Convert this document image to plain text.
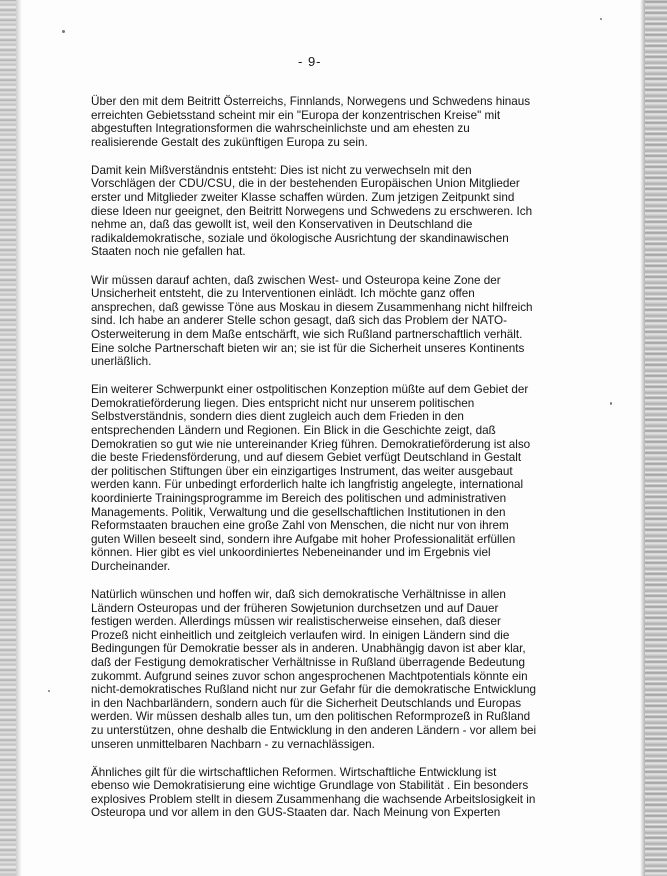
- 9-

Über den mit dem Beitritt Österreichs, Finnlands, Norwegens und Schwedens hinaus
erreichten Gebietsstand scheint mir ein "Europa der konzentrischen Kreise" mit
abgestuften Integrationsformen die wahrscheinlichste und am ehesten zu
realisierende Gestalt des zukünftigen Europa zu sein.

Damit kein Mißverständnis entsteht: Dies ist nicht zu verwechseln mit den
Vorschlägen der CDU/CSU, die in der bestehenden Europäischen Union Mitglieder
erster und Mitglieder zweiter Klasse schaffen würden. Zum jetzigen Zeitpunkt sind
diese Ideen nur geeignet, den Beitritt Norwegens und Schwedens zu erschweren. Ich
nehme an, daß das gewollt ist, weil den Konservativen in Deutschland die
radikaldemokratische, soziale und ökologische Ausrichtung der skandinawischen
Staaten noch nie gefallen hat.

Wir müssen darauf achten, daß zwischen West- und Osteuropa keine Zone der
Unsicherheit entsteht, die zu Interventionen einlädt. Ich möchte ganz offen
ansprechen, daß gewisse Töne aus Moskau in diesem Zusammenhang nicht hilfreich
sind. Ich habe an anderer Stelle schon gesagt, daß sich das Problem der NATO-
Osterweiterung in dem Maße entschärft, wie sich Rußland partnerschaftlich verhält.
Eine solche Partnerschaft bieten wir an; sie ist für die Sicherheit unseres Kontinents
unerläßlich.

Ein weiterer Schwerpunkt einer ostpolitischen Konzeption müßte auf dem Gebiet der
Demokratieförderung liegen. Dies entspricht nicht nur unserem politischen
Selbstverständnis, sondern dies dient zugleich auch dem Frieden in den
entsprechenden Ländern und Regionen. Ein Blick in die Geschichte zeigt, daß
Demokratien so gut wie nie untereinander Krieg führen. Demokratieförderung ist also
die beste Friedensförderung, und auf diesem Gebiet verfügt Deutschland in Gestalt
der politischen Stiftungen über ein einzigartiges Instrument, das weiter ausgebaut
werden kann. Für unbedingt erforderlich halte ich langfristig angelegte, international
koordinierte Trainingsprogramme im Bereich des politischen und administrativen
Managements. Politik, Verwaltung und die gesellschaftlichen Institutionen in den
Reformstaaten brauchen eine große Zahl von Menschen, die nicht nur von ihrem
guten Willen beseelt sind, sondern ihre Aufgabe mit hoher Professionalität erfüllen
können. Hier gibt es viel unkoordiniertes Nebeneinander und im Ergebnis viel
Durcheinander.

Natürlich wünschen und hoffen wir, daß sich demokratische Verhältnisse in allen
Ländern Osteuropas und der früheren Sowjetunion durchsetzen und auf Dauer
festigen werden. Allerdings müssen wir realistischerweise einsehen, daß dieser
Prozeß nicht einheitlich und zeitgleich verlaufen wird. In einigen Ländern sind die
Bedingungen für Demokratie besser als in anderen. Unabhängig davon ist aber klar,
daß der Festigung demokratischer Verhältnisse in Rußland überragende Bedeutung
zukommt. Aufgrund seines zuvor schon angesprochenen Machtpotentials könnte ein
nicht-demokratisches Rußland nicht nur zur Gefahr für die demokratische Entwicklung
in den Nachbarländern, sondern auch für die Sicherheit Deutschlands und Europas
werden. Wir müssen deshalb alles tun, um den politischen Reformprozeß in Rußland
zu unterstützen, ohne deshalb die Entwicklung in den anderen Ländern - vor allem bei
unseren unmittelbaren Nachbarn - zu vernachlässigen.

Ähnliches gilt für die wirtschaftlichen Reformen. Wirtschaftliche Entwicklung ist
ebenso wie Demokratisierung eine wichtige Grundlage von Stabilität . Ein besonders
explosives Problem stellt in diesem Zusammenhang die wachsende Arbeitslosigkeit in
Osteuropa und vor allem in den GUS-Staaten dar. Nach Meinung von Experten
